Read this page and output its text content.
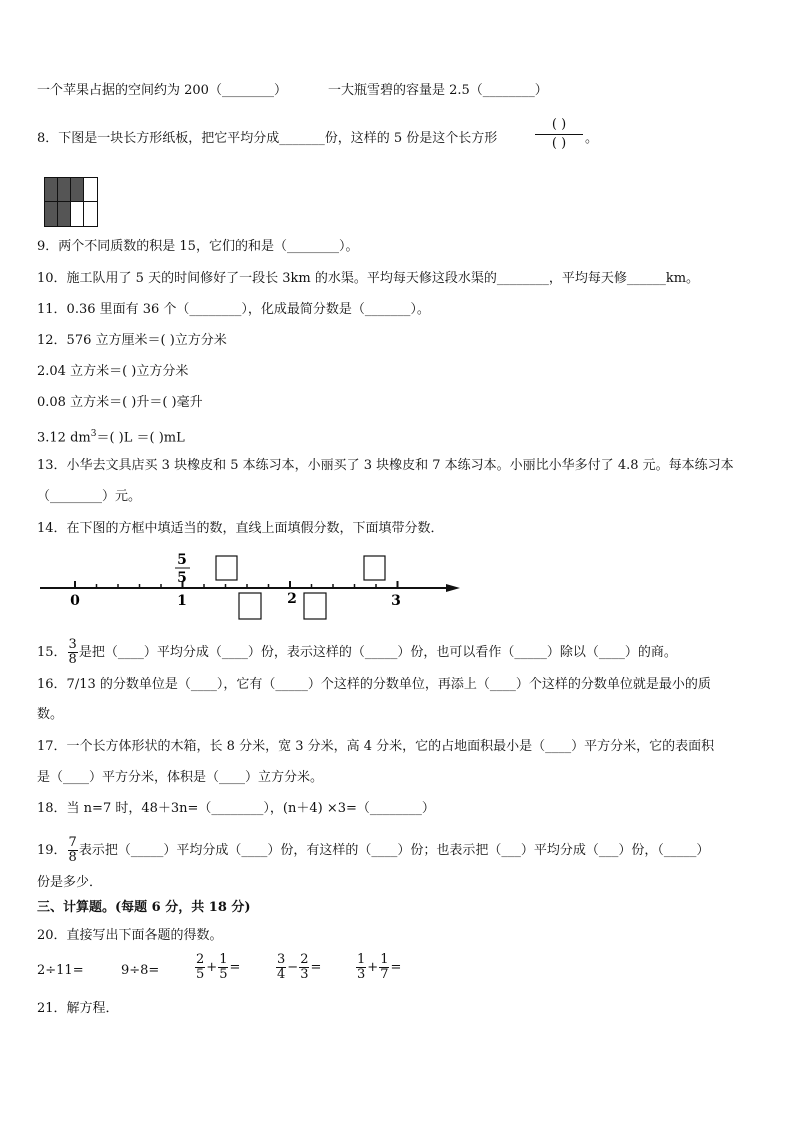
一个苹果占据的空间约为 200（________）	一大瓶雪碧的容量是 2.5（________）
8．下图是一块长方形纸板，把它平均分成_______份，这样的 5 份是这个长方形
( )
( )	。
9．两个不同质数的积是 15，它们的和是（________）。
10．施工队用了 5 天的时间修好了一段长 3km 的水渠。平均每天修这段水渠的________，平均每天修______km。
11．0.36 里面有 36 个（________），化成最简分数是（_______）。
12．576 立方厘米＝( )立方分米
2.04 立方米＝( )立方分米
0.08 立方米＝( )升＝( )毫升
3.12 $dm^3=$( )L ＝( )mL
13．小华去文具店买 3 块橡皮和 5 本练习本，小丽买了 3 块橡皮和 7 本练习本。小丽比小华多付了 4.8 元。每本练习本
（________）元。
14．在下图的方框中填适当的数，直线上面填假分数，下面填带分数．
5
5
0	1	2	3
15． $\frac{3}{8}$ 是把（____）平均分成（____）份，表示这样的（_____）份，也可以看作（_____）除以（____）的商。
16．7/13 的分数单位是（____），它有（_____）个这样的分数单位，再添上（____）个这样的分数单位就是最小的质
数。
17．一个长方体形状的木箱，长 8 分米，宽 3 分米，高 4 分米，它的占地面积最小是（____）平方分米，它的表面积
是（____）平方分米，体积是（____）立方分米。
18．当 n=7 时，48＋3n=（________），(n＋4) ×3=（________）
19． $\frac{7}{8}$ 表示把（_____）平均分成（____）份，有这样的（____）份；也表示把（___）平均分成（___）份，（_____）
份是多少．
三、计算题。(每题 6 分，共 18 分)
20．直接写出下面各题的得数。
2÷11=	9÷8=	$\frac{2}{5} + \frac{1}{5}$ =	$\frac{3}{4} - \frac{2}{3}$ =	$\frac{1}{3} + \frac{1}{7}$ =
21．解方程．
